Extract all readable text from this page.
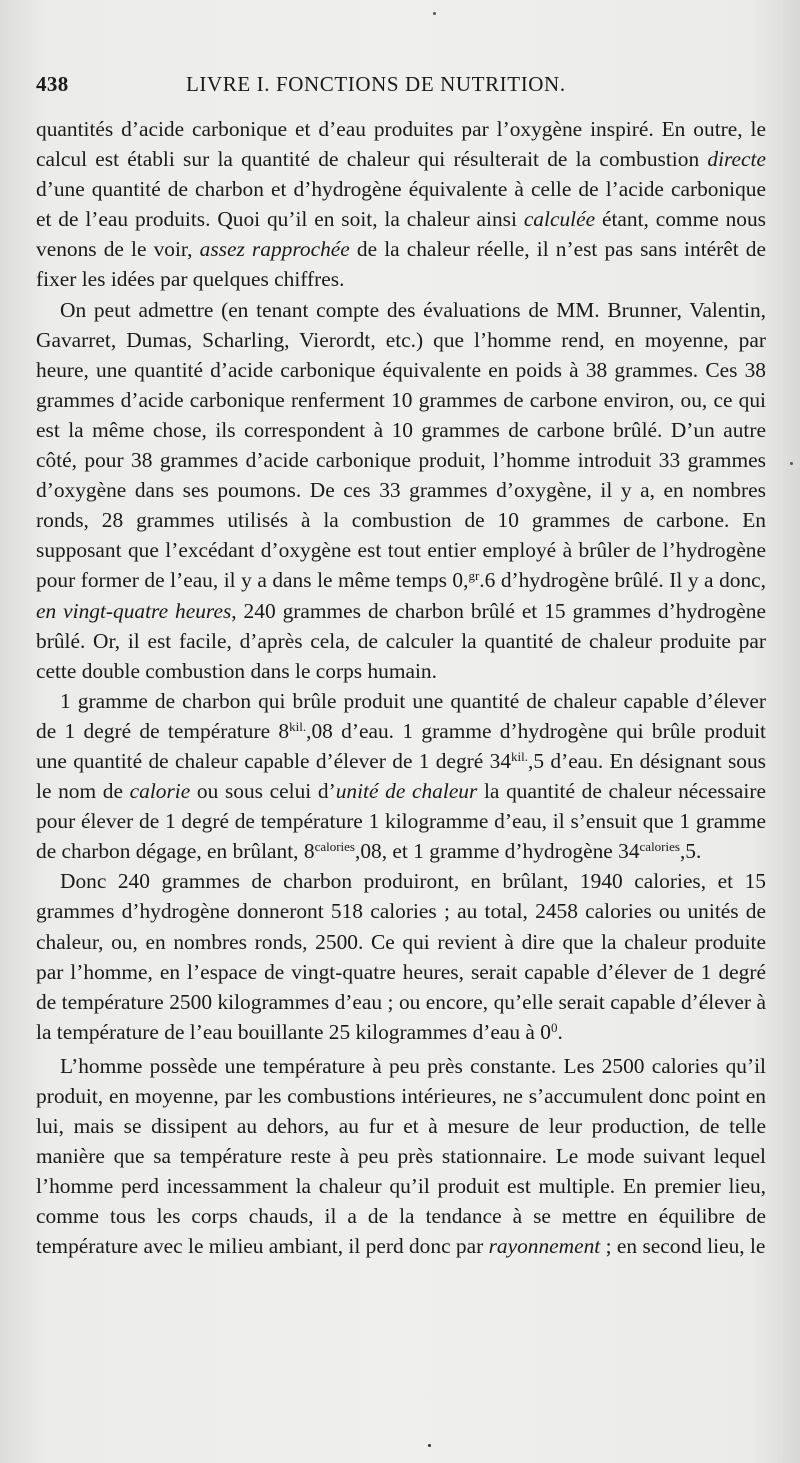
438	LIVRE I. FONCTIONS DE NUTRITION.

quantités d’acide carbonique et d’eau produites par l’oxygène inspiré. En outre, le calcul est établi sur la quantité de chaleur qui résulterait de la combustion directe d’une quantité de charbon et d’hydrogène équivalente à celle de l’acide carbonique et de l’eau produits. Quoi qu’il en soit, la chaleur ainsi calculée étant, comme nous venons de le voir, assez rapprochée de la chaleur réelle, il n’est pas sans intérêt de fixer les idées par quelques chiffres.

On peut admettre (en tenant compte des évaluations de MM. Brunner, Valentin, Gavarret, Dumas, Scharling, Vierordt, etc.) que l’homme rend, en moyenne, par heure, une quantité d’acide carbonique équivalente en poids à 38 grammes. Ces 38 grammes d’acide carbonique renferment 10 grammes de carbone environ, ou, ce qui est la même chose, ils correspondent à 10 grammes de carbone brûlé. D’un autre côté, pour 38 grammes d’acide carbonique produit, l’homme introduit 33 grammes d’oxygène dans ses poumons. De ces 33 grammes d’oxygène, il y a, en nombres ronds, 28 grammes utilisés à la combustion de 10 grammes de carbone. En supposant que l’excédant d’oxygène est tout entier employé à brûler de l’hydrogène pour former de l’eau, il y a dans le même temps 0,$^{gr}$.6 d’hydrogène brûlé. Il y a donc, en vingt-quatre heures, 240 grammes de charbon brûlé et 15 grammes d’hydrogène brûlé. Or, il est facile, d’après cela, de calculer la quantité de chaleur produite par cette double combustion dans le corps humain.

1 gramme de charbon qui brûle produit une quantité de chaleur capable d’élever de 1 degré de température $8^{kil.},08$ d’eau. 1 gramme d’hydrogène qui brûle produit une quantité de chaleur capable d’élever de 1 degré $34^{kil.},5$ d’eau. En désignant sous le nom de calorie ou sous celui d’unité de chaleur la quantité de chaleur nécessaire pour élever de 1 degré de température 1 kilogramme d’eau, il s’ensuit que 1 gramme de charbon dégage, en brûlant, $8^{calories},08$, et 1 gramme d’hydrogène $34^{calories},5$.

Donc 240 grammes de charbon produiront, en brûlant, 1940 calories, et 15 grammes d’hydrogène donneront 518 calories ; au total, 2458 calories ou unités de chaleur, ou, en nombres ronds, 2500. Ce qui revient à dire que la chaleur produite par l’homme, en l’espace de vingt-quatre heures, serait capable d’élever de 1 degré de température 2500 kilogrammes d’eau ; ou encore, qu’elle serait capable d’élever à la température de l’eau bouillante 25 kilogrammes d’eau à $0^0$.

L’homme possède une température à peu près constante. Les 2500 calories qu’il produit, en moyenne, par les combustions intérieures, ne s’accumulent donc point en lui, mais se dissipent au dehors, au fur et à mesure de leur production, de telle manière que sa température reste à peu près stationnaire. Le mode suivant lequel l’homme perd incessamment la chaleur qu’il produit est multiple. En premier lieu, comme tous les corps chauds, il a de la tendance à se mettre en équilibre de température avec le milieu ambiant, il perd donc par rayonnement ; en second lieu, le
